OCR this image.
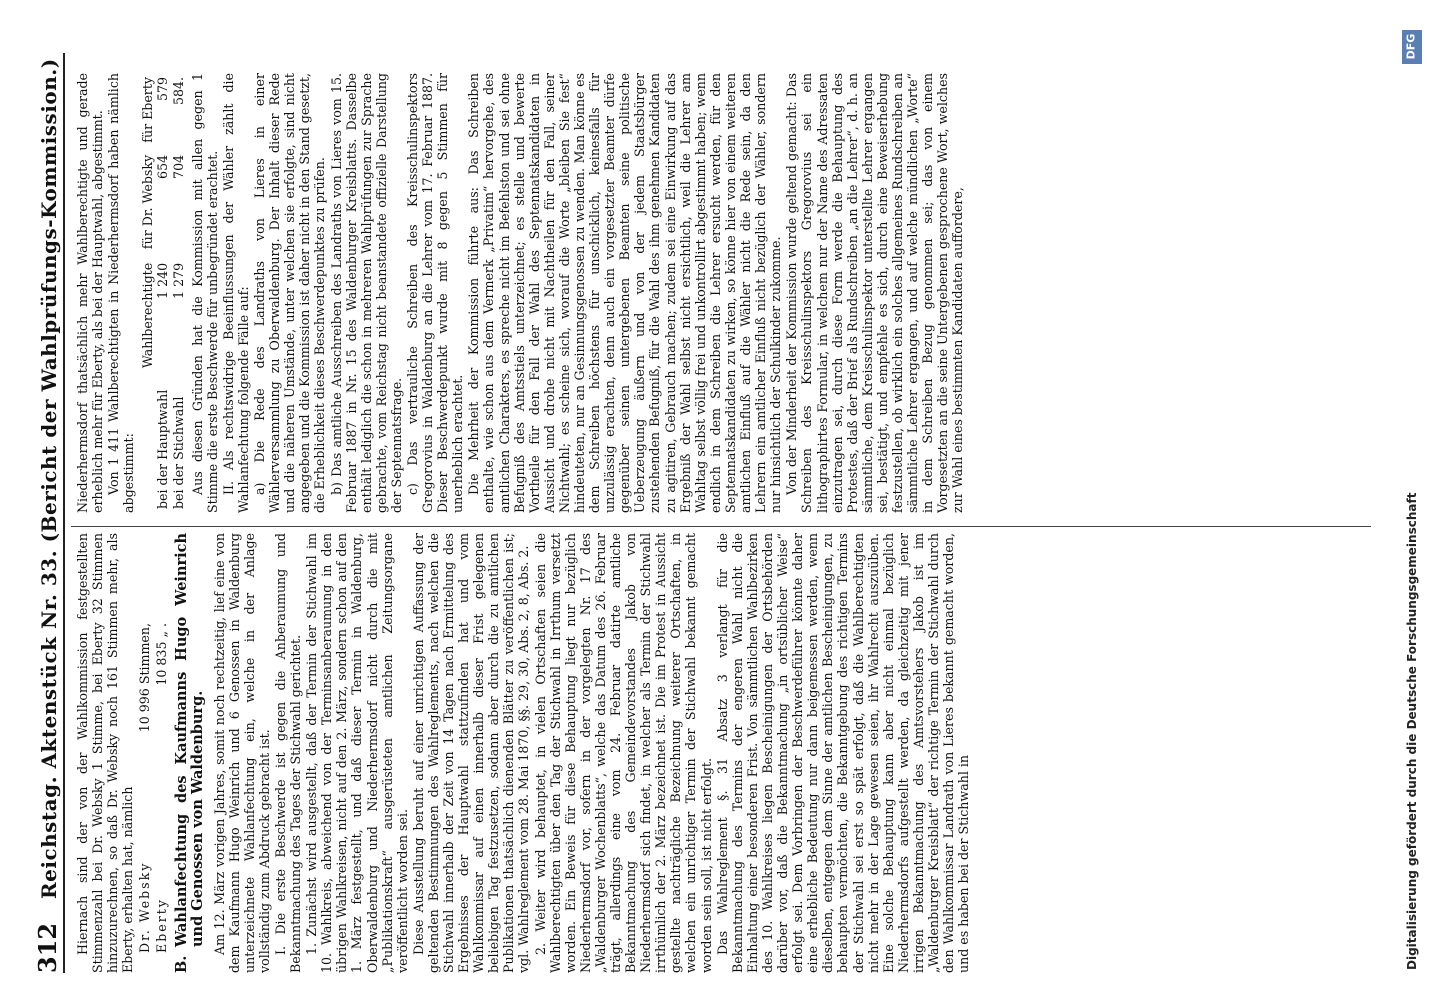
312
Reichstag. Aktenstück Nr. 33. (Bericht der Wahlprüfungs-Kommission.) Hiernach sind der von der Wahlkommission festgestellten Stimmenzahl bei Dr. Websky 1 Stimme, bei Eberty 32 Stimmen hinzuzurechnen, so daß Dr. Websky noch 161 Stimmen mehr, als Eberty, erhalten hat, nämlich Dr. Websky
10 996 Stimmen,
Eberty
10 835 „ .
B.
Wahlanfechtung des Kaufmanns Hugo Weinrich und Genossen von Waldenburg. Am 12. März vorigen Jahres, somit noch rechtzeitig, lief eine von dem Kaufmann Hugo Weinrich und 6 Genossen in Waldenburg unterzeichnete Wahlanfechtung ein, welche in der Anlage vollständig zum Abdruck gebracht ist. I. Die erste Beschwerde ist gegen die Anberaumung und Bekanntmachung des Tages der Stichwahl gerichtet. 1. Zunächst wird ausgestellt, daß der Termin der Stichwahl im 10. Wahlkreis, abweichend von der Terminsanberaumung in den übrigen Wahlkreisen, nicht auf den 2. März, sondern schon auf den 1. März festgestellt, und daß dieser Termin in Waldenburg, Oberwaldenburg und Niederhermsdorf nicht durch die mit „Publikationskraft“ ausgerüsteten amtlichen Zeitungsorgane veröffentlicht worden sei. Diese Ausstellung beruht auf einer unrichtigen Auffassung der geltenden Bestimmungen des Wahlreglements, nach welchen die Stichwahl innerhalb der Zeit von 14 Tagen nach Ermittelung des Ergebnisses der Hauptwahl stattzufinden hat und vom Wahlkommissar auf einen innerhalb dieser Frist gelegenen beliebigen Tag festzusetzen, sodann aber durch die zu amtlichen Publikationen thatsächlich dienenden Blätter zu veröffentlichen ist; vgl. Wahlreglement vom 28. Mai 1870, §§. 29, 30, Abs. 2, 8, Abs. 2. 2. Weiter wird behauptet, in vielen Ortschaften seien die Wahlberechtigten über den Tag der Stichwahl in Irrthum versetzt worden. Ein Beweis für diese Behauptung liegt nur bezüglich Niederhermsdorf vor, sofern in der vorgelegten Nr. 17 des „Waldenburger Wochenblatts“, welche das Datum des 26. Februar trägt, allerdings eine vom 24. Februar datirte amtliche Bekanntmachung des Gemeindevorstandes Jakob von Niederhermsdorf sich findet, in welcher als Termin der Stichwahl irrthümlich der 2. März bezeichnet ist. Die im Protest in Aussicht gestellte nachträgliche Bezeichnung weiterer Ortschaften, in welchen ein unrichtiger Termin der Stichwahl bekannt gemacht worden sein soll, ist nicht erfolgt. Das Wahlreglement §. 31 Absatz 3 verlangt für die Bekanntmachung des Termins der engeren Wahl nicht die Einhaltung einer besonderen Frist. Von sämmtlichen Wahlbezirken des 10. Wahlkreises liegen Bescheinigungen der Ortsbehörden darüber vor, daß die Bekanntmachung „in ortsüblicher Weise“ erfolgt sei. Dem Vorbringen der Beschwerdeführer könnte daher eine erhebliche Bedeutung nur dann beigemessen werden, wenn dieselben, entgegen dem Sinne der amtlichen Bescheinigungen, zu behaupten vermöchten, die Bekanntgebung des richtigen Termins der Stichwahl sei erst so spät erfolgt, daß die Wahlberechtigten nicht mehr in der Lage gewesen seien, ihr Wahlrecht auszuüben. Eine solche Behauptung kann aber nicht einmal bezüglich Niederhermsdorfs aufgestellt werden, da gleichzeitig mit jener irrigen Bekanntmachung des Amtsvorstehers Jakob ist im „Waldenburger Kreisblatt“ der richtige Termin der Stichwahl durch den Wahlkommissar Landrath von Lieres bekannt gemacht worden, und es haben bei der Stichwahl in

Niederhermsdorf thatsächlich mehr Wahlberechtigte und gerade erheblich mehr für Eberty, als bei der Hauptwahl, abgestimmt. Von 1 411 Wahlberechtigten in Niederhermsdorf haben nämlich abgestimmt:

	Wahlberechtigte	für Dr. Websky	für Eberty
bei der Hauptwahl	1 240	654	579
bei der Stichwahl	1 279	704	584. Aus diesen Gründen hat die Kommission mit allen gegen 1 Stimme die erste Beschwerde für unbegründet erachtet. II. Als rechtswidrige Beeinflussungen der Wähler zählt die Wahlanfechtung folgende Fälle auf: a) Die Rede des Landraths von Lieres in einer Wählerversammlung zu Oberwaldenburg. Der Inhalt dieser Rede und die näheren Umstände, unter welchen sie erfolgte, sind nicht angegeben und die Kommission ist daher nicht in den Stand gesetzt, die Erheblichkeit dieses Beschwerdepunktes zu prüfen. b) Das amtliche Ausschreiben des Landraths von Lieres vom 15. Februar 1887 in Nr. 15 des Waldenburger Kreisblatts. Dasselbe enthält lediglich die schon in mehreren Wahlprüfungen zur Sprache gebrachte, vom Reichstag nicht beanstandete offizielle Darstellung der Septennatsfrage. c) Das vertrauliche Schreiben des Kreisschulinspektors Gregorovius in Waldenburg an die Lehrer vom 17. Februar 1887. Dieser Beschwerdepunkt wurde mit 8 gegen 5 Stimmen für unerheblich erachtet. Die Mehrheit der Kommission führte aus: Das Schreiben enthalte, wie schon aus dem Vermerk „Privatim“ hervorgehe, des amtlichen Charakters, es spreche nicht im Befehlston und sei ohne Befugniß des Amtsstiels unterzeichnet; es stelle und bewerte Vortheile für den Fall der Wahl des Septennatskandidaten in Aussicht und drohe nicht mit Nachtheilen für den Fall, seiner Nichtwahl; es scheine sich, worauf die Worte „bleiben Sie fest“ hindeuteten, nur an Gesinnungsgenossen zu wenden. Man könne es dem Schreiben höchstens für unschicklich, keinesfalls für unzulässig erachten, denn auch ein vorgesetzter Beamter dürfe gegenüber seinen untergebenen Beamten seine politische Ueberzeugung äußern und von der jedem Staatsbürger zustehenden Befugniß, für die Wahl des ihm genehmen Kandidaten zu agitiren, Gebrauch machen; zudem sei eine Einwirkung auf das Ergebniß der Wahl selbst nicht ersichtlich, weil die Lehrer am Wahltag selbst völlig frei und unkontrollirt abgestimmt haben; wenn endlich in dem Schreiben die Lehrer ersucht werden, für den Septennatskandidaten zu wirken, so könne hier von einem weiteren amtlichen Einfluß auf die Wähler nicht die Rede sein, da den Lehrern ein amtlicher Einfluß nicht bezüglich der Wähler, sondern nur hinsichtlich der Schulkinder zukomme. Von der Minderheit der Kommission wurde geltend gemacht: Das Schreiben des Kreisschulinspektors Gregorovius sei ein lithographirtes Formular, in welchem nur der Name des Adressaten einzutragen sei, durch diese Form werde die Behauptung des Protestes, daß der Brief als Rundschreiben „an die Lehrer“, d. h. an sämmtliche, dem Kreisschulinspektor unterstellte Lehrer ergangen sei, bestätigt, und empfehle es sich, durch eine Beweiserhebung festzustellen, ob wirklich ein solches allgemeines Rundschreiben an sämmtliche Lehrer ergangen, und auf welche mündlichen „Worte“ in dem Schreiben Bezug genommen sei; das von einem Vorgesetzten an die seine Untergebenen gesprochene Wort, welches zur Wahl eines bestimmten Kandidaten auffordere,

DFG
Digitalisierung gefördert durch die Deutsche Forschungsgemeinschaft
